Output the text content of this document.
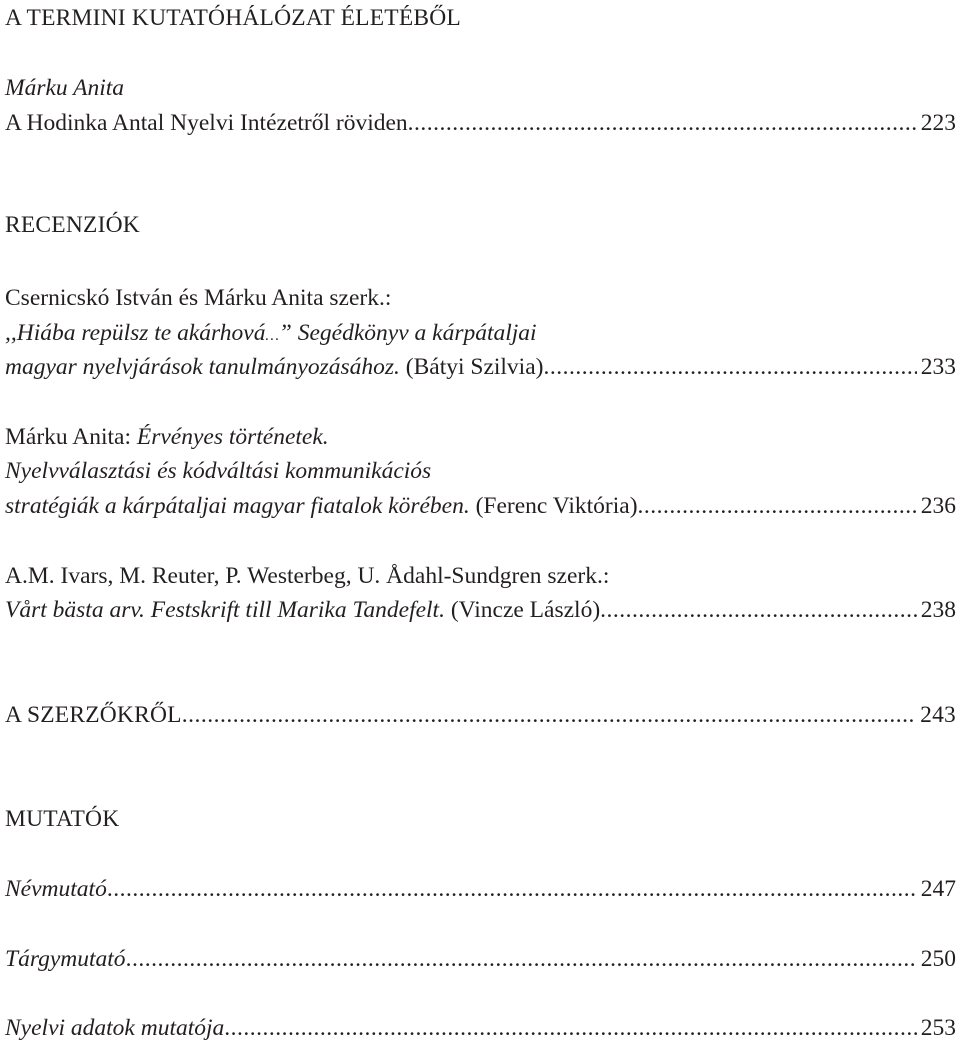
A TERMINI KUTATÓHÁLÓZAT ÉLETÉBŐL
Márku Anita
A Hodinka Antal Nyelvi Intézetről röviden .....	223
RECENZIÓK
Csernicskó István és Márku Anita szerk.:
,,Hiába repülsz te akárhová…” Segédkönyv a kárpátaljai
magyar nyelvjárások tanulmányozásához. (Bátyi Szilvia) .....	233
Márku Anita: Érvényes történetek.
Nyelvválasztási és kódváltási kommunikációs
stratégiák a kárpátaljai magyar fiatalok körében. (Ferenc Viktória) .....	236
A.M. Ivars, M. Reuter, P. Westerbeg, U. Ådahl-Sundgren szerk.:
Vårt bästa arv. Festskrift till Marika Tandefelt. (Vincze László) .....	238
A SZERZŐKRŐL .....	243
MUTATÓK
Névmutató .....	247
Tárgymutató .....	250
Nyelvi adatok mutatója .....	253
